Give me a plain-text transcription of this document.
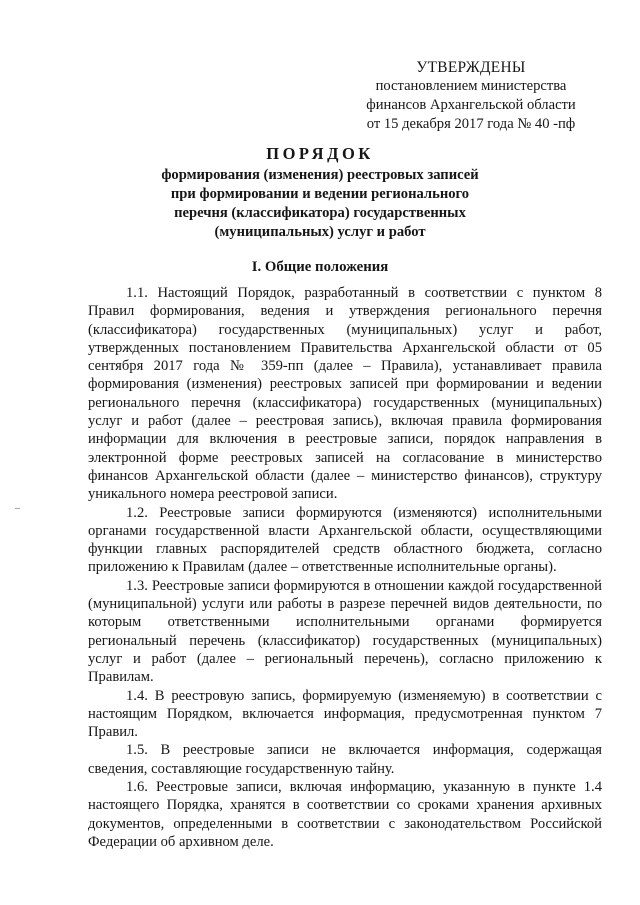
УТВЕРЖДЕНЫ
постановлением министерства
финансов Архангельской области
от 15 декабря 2017 года № 40 -пф
ПОРЯДОК
формирования (изменения) реестровых записей
при формировании и ведении регионального
перечня (классификатора) государственных
(муниципальных) услуг и работ
I. Общие положения

1.1. Настоящий Порядок, разработанный в соответствии с пунктом 8 Правил формирования, ведения и утверждения регионального перечня (классификатора) государственных (муниципальных) услуг и работ, утвержденных постановлением Правительства Архангельской области от 05 сентября 2017 года № 359-пп (далее – Правила), устанавливает правила формирования (изменения) реестровых записей при формировании и ведении регионального перечня (классификатора) государственных (муниципальных) услуг и работ (далее – реестровая запись), включая правила формирования информации для включения в реестровые записи, порядок направления в электронной форме реестровых записей на согласование в министерство финансов Архангельской области (далее – министерство финансов), структуру уникального номера реестровой записи.

1.2. Реестровые записи формируются (изменяются) исполнительными органами государственной власти Архангельской области, осуществляющими функции главных распорядителей средств областного бюджета, согласно приложению к Правилам (далее – ответственные исполнительные органы).

1.3. Реестровые записи формируются в отношении каждой государственной (муниципальной) услуги или работы в разрезе перечней видов деятельности, по которым ответственными исполнительными органами формируется региональный перечень (классификатор) государственных (муниципальных) услуг и работ (далее – региональный перечень), согласно приложению к Правилам.

1.4. В реестровую запись, формируемую (изменяемую) в соответствии с настоящим Порядком, включается информация, предусмотренная пунктом 7 Правил.

1.5. В реестровые записи не включается информация, содержащая сведения, составляющие государственную тайну.

1.6. Реестровые записи, включая информацию, указанную в пункте 1.4 настоящего Порядка, хранятся в соответствии со сроками хранения архивных документов, определенными в соответствии с законодательством Российской Федерации об архивном деле.
